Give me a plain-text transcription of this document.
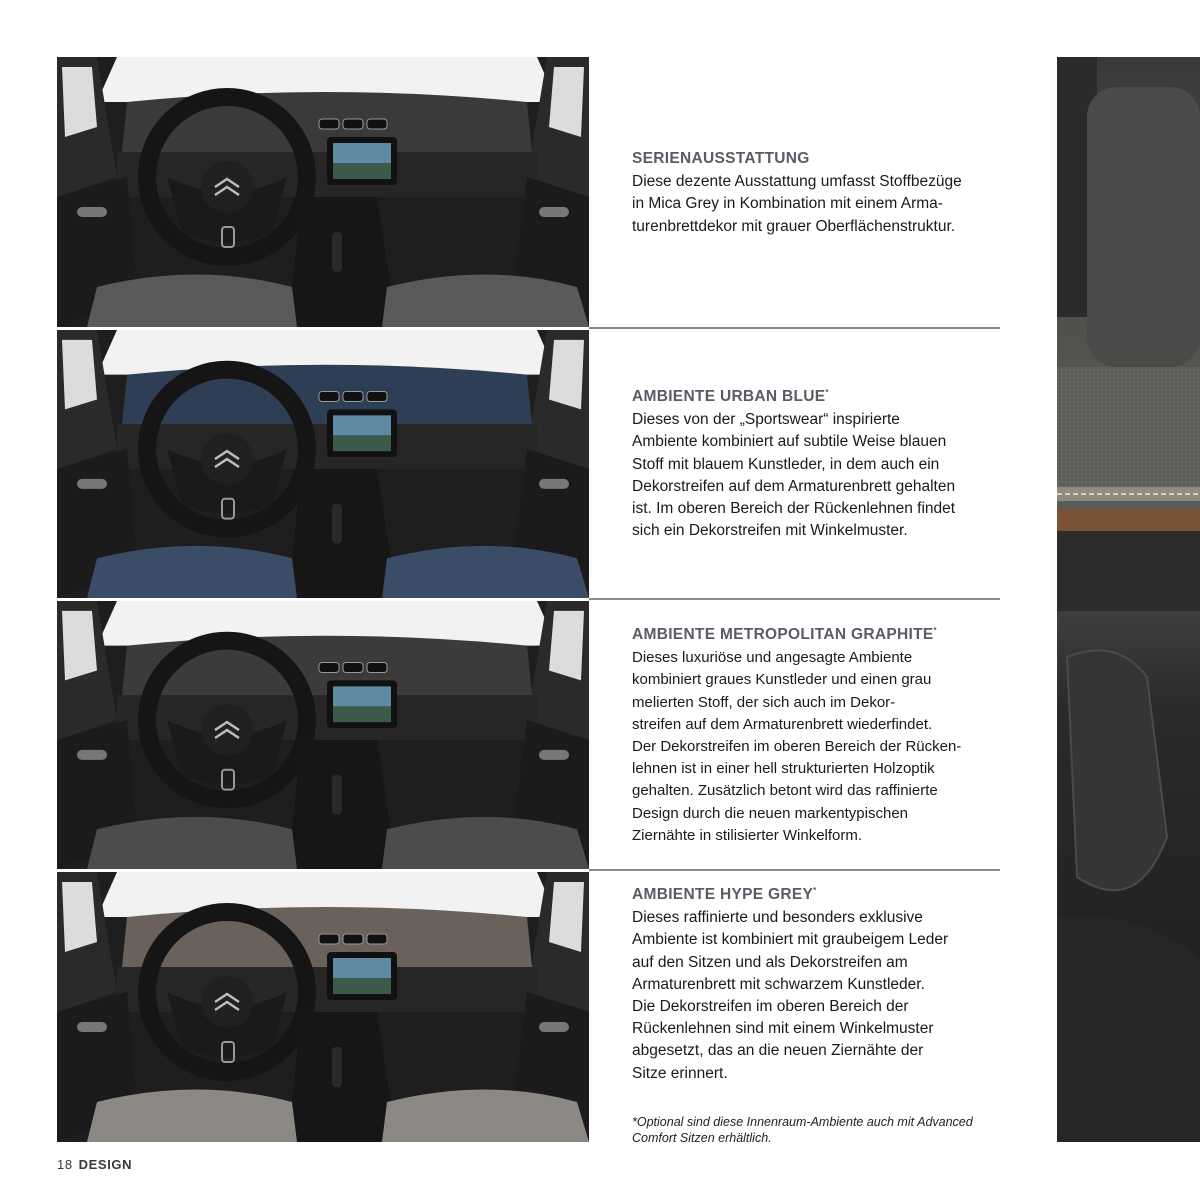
SERIENAUSSTATTUNG

Diese dezente Ausstattung umfasst Stoffbezüge
in Mica Grey in Kombination mit einem Arma-
turenbrettdekor mit grauer Oberflächenstruktur.

AMBIENTE URBAN BLUE*

Dieses von der „Sportswear“ inspirierte
Ambiente kombiniert auf subtile Weise blauen
Stoff mit blauem Kunstleder, in dem auch ein
Dekorstreifen auf dem Armaturenbrett gehalten
ist. Im oberen Bereich der Rückenlehnen findet
sich ein Dekorstreifen mit Winkelmuster.

AMBIENTE METROPOLITAN GRAPHITE*

Dieses luxuriöse und angesagte Ambiente
kombiniert graues Kunstleder und einen grau
melierten Stoff, der sich auch im Dekor-
streifen auf dem Armaturenbrett wiederfindet.
Der Dekorstreifen im oberen Bereich der Rücken-
lehnen ist in einer hell strukturierten Holzoptik
gehalten. Zusätzlich betont wird das raffinierte
Design durch die neuen markentypischen
Ziernähte in stilisierter Winkelform.

AMBIENTE HYPE GREY*

Dieses raffinierte und besonders exklusive
Ambiente ist kombiniert mit graubeigem Leder
auf den Sitzen und als Dekorstreifen am
Armaturenbrett mit schwarzem Kunstleder.
Die Dekorstreifen im oberen Bereich der
Rückenlehnen sind mit einem Winkelmuster
abgesetzt, das an die neuen Ziernähte der
Sitze erinnert.

*Optional sind diese Innenraum-Ambiente auch mit Advanced
Comfort Sitzen erhältlich.
18 DESIGN
